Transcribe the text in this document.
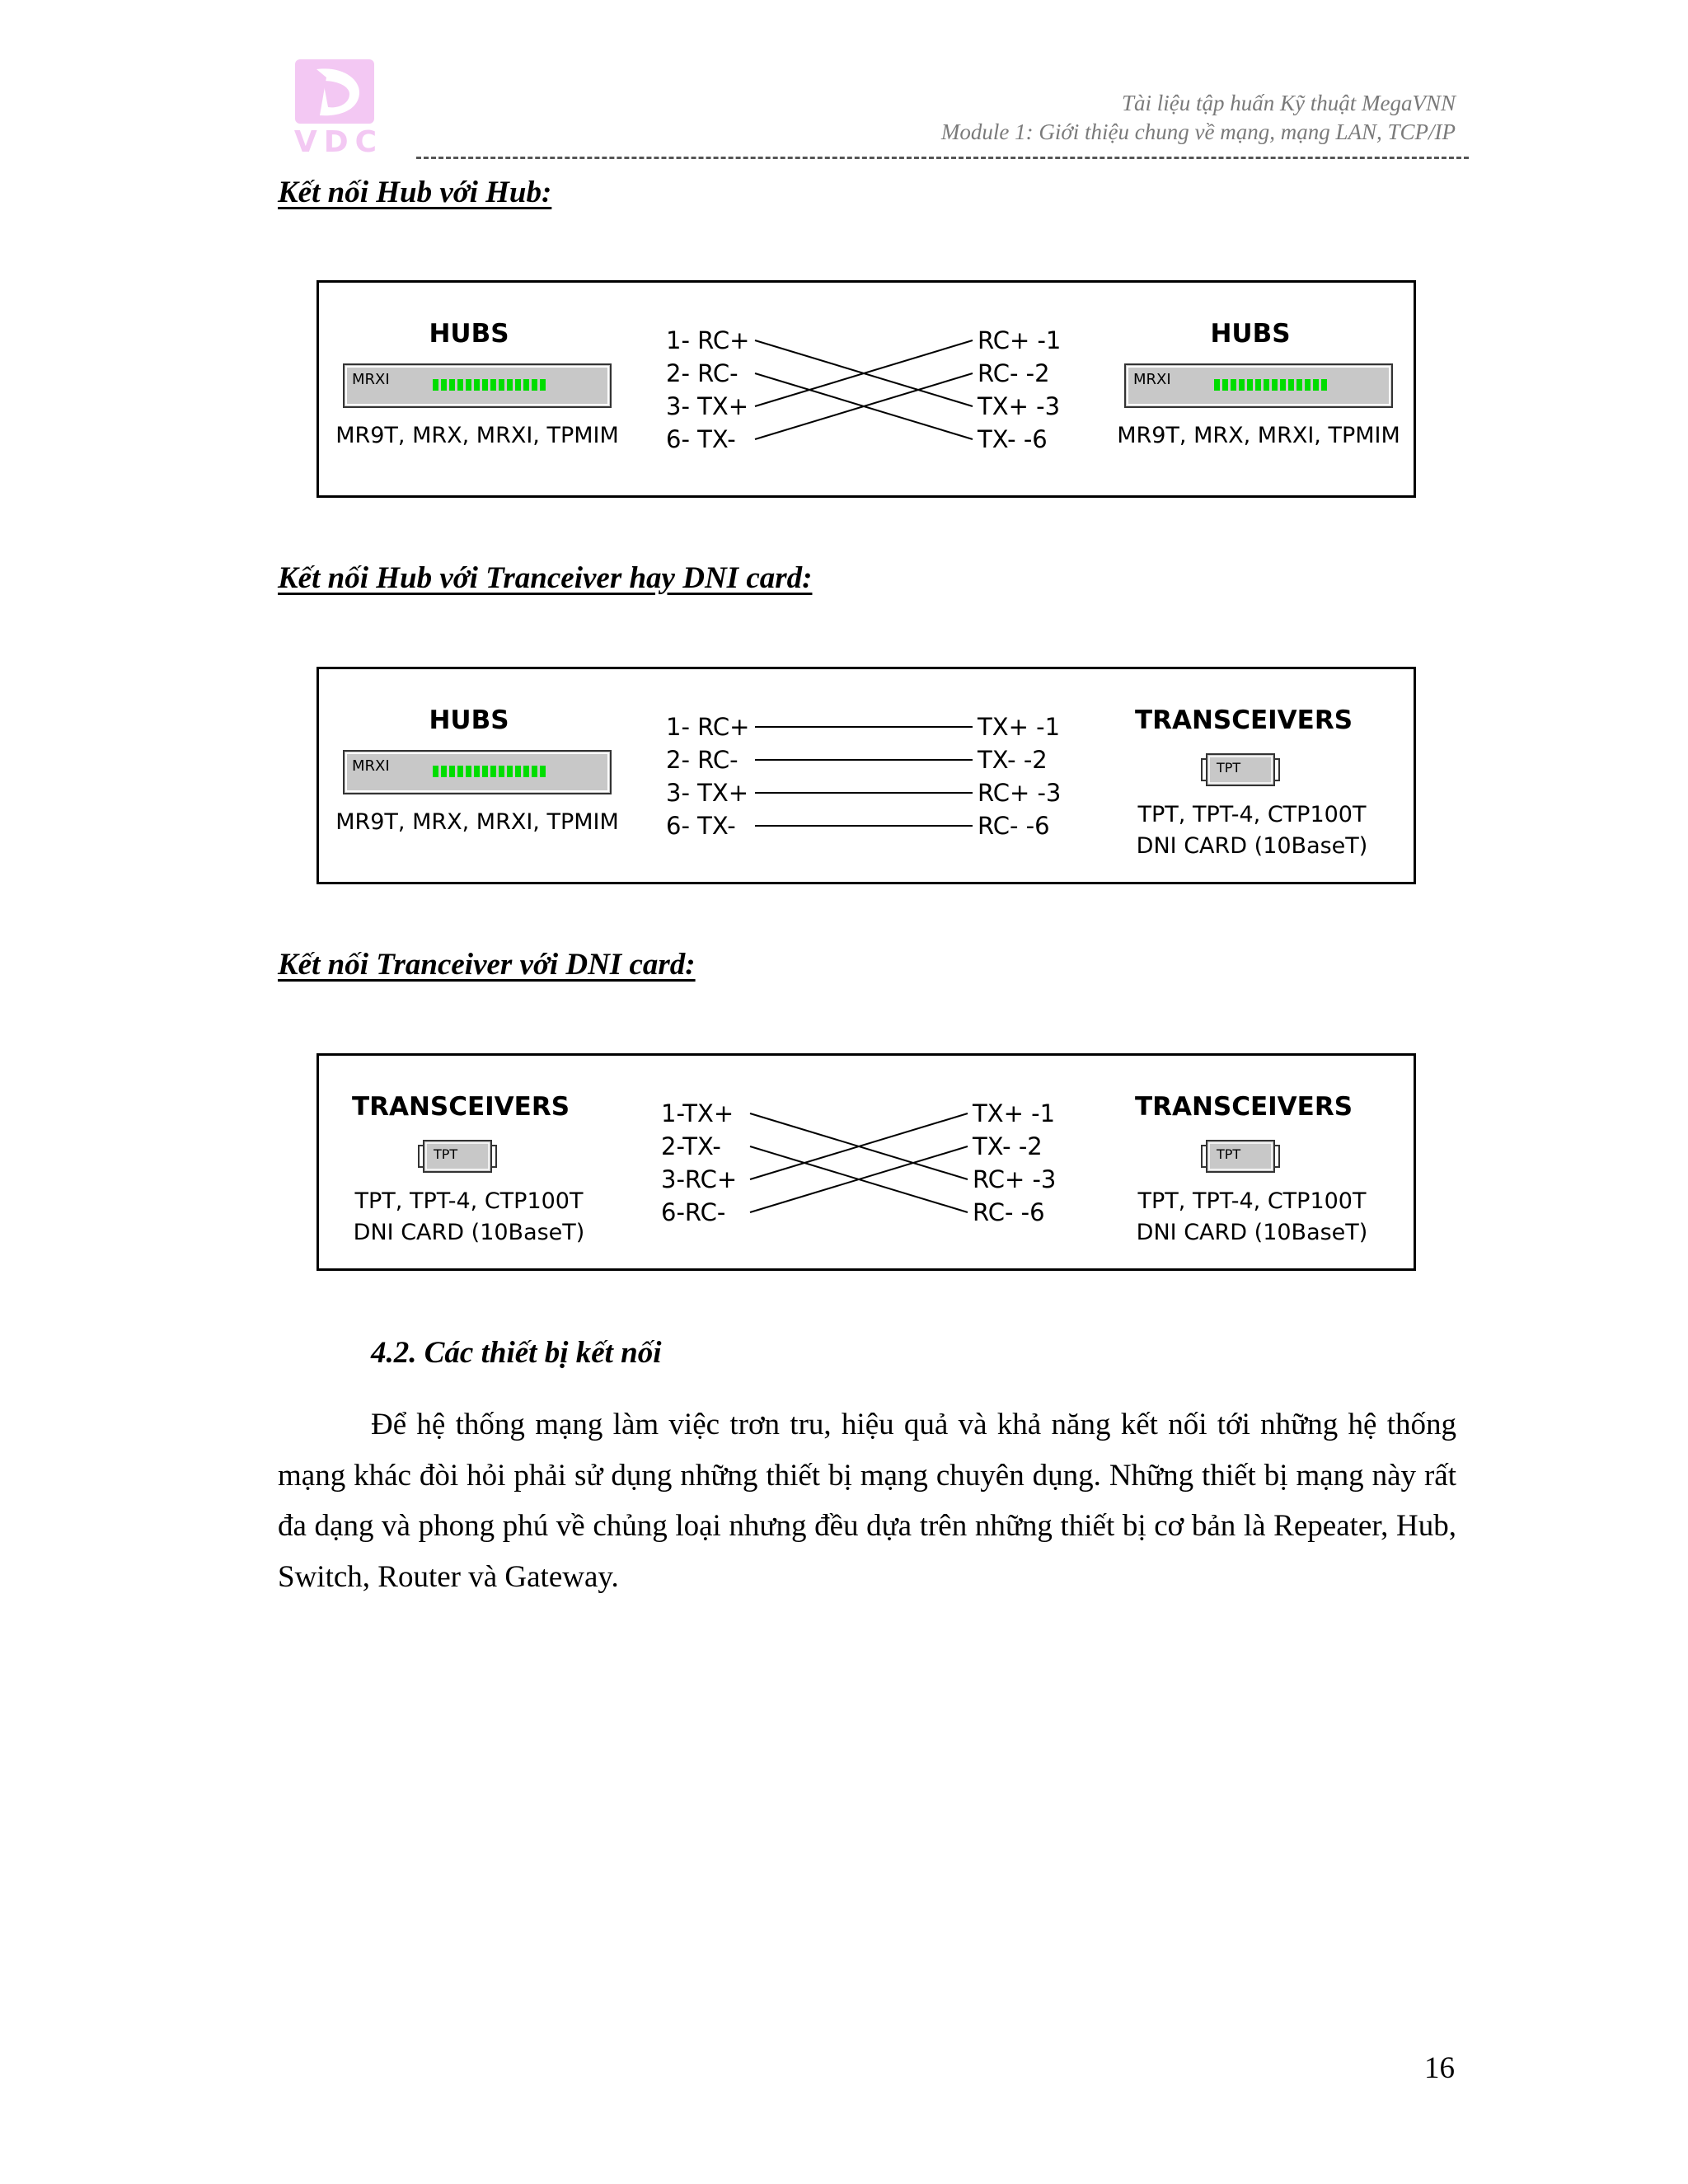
VDC
Tài liệu tập huấn Kỹ thuật MegaVNN
Module 1: Giới thiệu chung về mạng, mạng LAN, TCP/IP
Kết nối Hub với Hub:
Kết nối Hub với Tranceiver hay DNI card:
Kết nối Tranceiver với DNI card:
HUBS
MRXI
MR9T, MRX, MRXI, TPMIM
HUBS
MRXI
MR9T, MRX, MRXI, TPMIM
1- RC+
2- RC-
3- TX+
6- TX-
RC+ -1
RC- -2
TX+ -3
TX- -6
HUBS
MRXI
MR9T, MRX, MRXI, TPMIM
TRANSCEIVERS
TPT
TPT, TPT-4, CTP100T
DNI CARD (10BaseT)
1- RC+
2- RC-
3- TX+
6- TX-
TX+ -1
TX- -2
RC+ -3
RC- -6
TRANSCEIVERS
TPT
TPT, TPT-4, CTP100T
DNI CARD (10BaseT)
TRANSCEIVERS
TPT
TPT, TPT-4, CTP100T
DNI CARD (10BaseT)
1-TX+
2-TX-
3-RC+
6-RC-
TX+ -1
TX- -2
RC+ -3
RC- -6
4.2. Các thiết bị kết nối

Để hệ thống mạng làm việc trơn tru, hiệu quả và khả năng kết nối tới những hệ thống mạng khác đòi hỏi phải sử dụng những thiết bị mạng chuyên dụng. Những thiết bị mạng này rất đa dạng và phong phú về chủng loại nhưng đều dựa trên những thiết bị cơ bản là Repeater, Hub, Switch, Router và Gateway.

16
